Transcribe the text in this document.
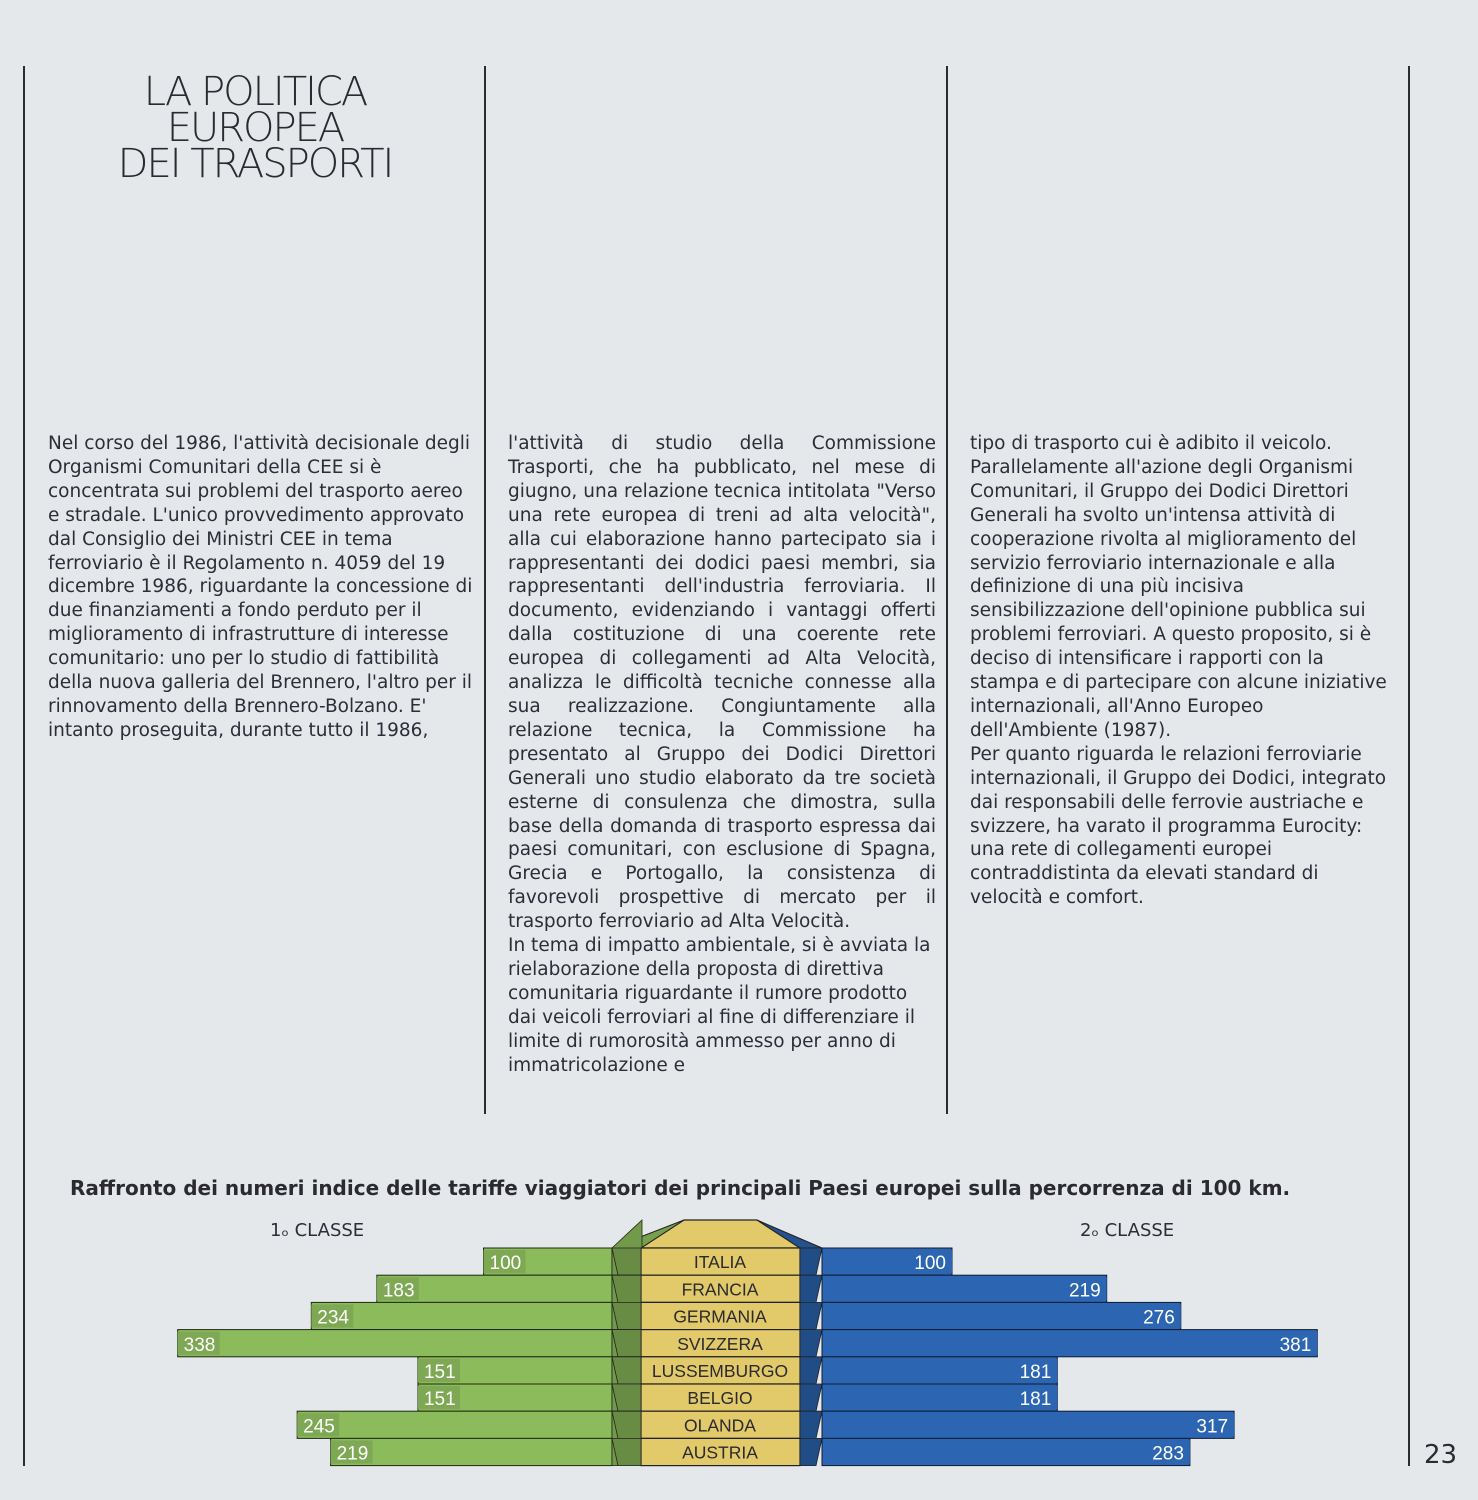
LA POLITICA
EUROPEA
DEI TRASPORTI

Nel corso del 1986, l'attività decisionale degli Organismi Comunitari della CEE si è concentrata sui problemi del trasporto aereo e stradale. L'unico provvedimento approvato dal Consiglio dei Ministri CEE in tema ferroviario è il Regolamento n. 4059 del 19 dicembre 1986, riguardante la concessione di due finanziamenti a fondo perduto per il miglioramento di infrastrutture di interesse comunitario: uno per lo studio di fattibilità della nuova galleria del Brennero, l'altro per il rinnovamento della Brennero-Bolzano. E' intanto proseguita, durante tutto il 1986,

l'attività di studio della Commissione Trasporti, che ha pubblicato, nel mese di giugno, una relazione tecnica intitolata "Verso una rete europea di treni ad alta velocità", alla cui elaborazione hanno partecipato sia i rappresentanti dei dodici paesi membri, sia rappresentanti dell'industria ferroviaria. Il documento, evidenziando i vantaggi offerti dalla costituzione di una coerente rete europea di collegamenti ad Alta Velocità, analizza le difficoltà tecniche connesse alla sua realizzazione. Congiuntamente alla relazione tecnica, la Commissione ha presentato al Gruppo dei Dodici Direttori Generali uno studio elaborato da tre società esterne di consulenza che dimostra, sulla base della domanda di trasporto espressa dai paesi comunitari, con esclusione di Spagna, Grecia e Portogallo, la consistenza di favorevoli prospettive di mercato per il trasporto ferroviario ad Alta Velocità.

In tema di impatto ambientale, si è avviata la rielaborazione della proposta di direttiva comunitaria riguardante il rumore prodotto dai veicoli ferroviari al fine di differenziare il limite di rumorosità ammesso per anno di immatricolazione e

tipo di trasporto cui è adibito il veicolo. Parallelamente all'azione degli Organismi Comunitari, il Gruppo dei Dodici Direttori Generali ha svolto un'intensa attività di cooperazione rivolta al miglioramento del servizio ferroviario internazionale e alla definizione di una più incisiva sensibilizzazione dell'opinione pubblica sui problemi ferroviari. A questo proposito, si è deciso di intensificare i rapporti con la stampa e di partecipare con alcune iniziative internazionali, all'Anno Europeo dell'Ambiente (1987).

Per quanto riguarda le relazioni ferroviarie internazionali, il Gruppo dei Dodici, integrato dai responsabili delle ferrovie austriache e svizzere, ha varato il programma Eurocity: una rete di collegamenti europei contraddistinta da elevati standard di velocità e comfort.

Raffronto dei numeri indice delle tariffe viaggiatori dei principali Paesi europei sulla percorrenza di 100 km.
1ₒ CLASSE	2ₒ CLASSE
100	ITALIA	100
183	FRANCIA	219
234	GERMANIA	276
338	SVIZZERA	381
151	LUSSEMBURGO	181
151	BELGIO	181
245	OLANDA	317
219	AUSTRIA	283	23
